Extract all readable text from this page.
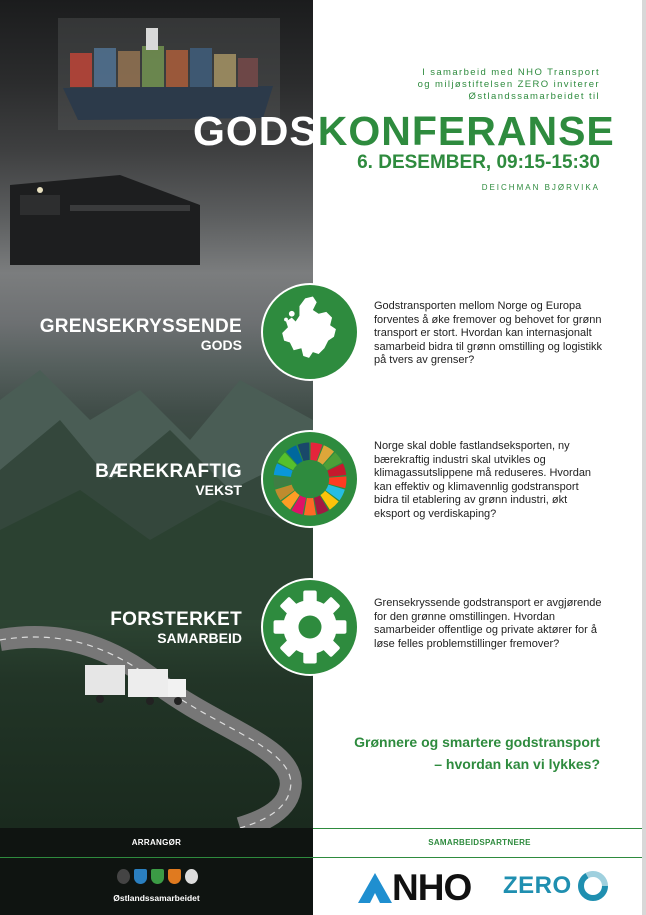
I samarbeid med NHO Transport
og miljøstiftelsen ZERO inviterer
Østlandssamarbeidet til
GODSKONFERANSE
6. DESEMBER, 09:15-15:30
DEICHMAN BJØRVIKA
GRENSEKRYSSENDE
GODS
Godstransporten mellom Norge og Europa forventes å øke fremover og behovet for grønn transport er stort. Hvordan kan internasjonalt samarbeid bidra til grønn omstilling og logistikk på tvers av grenser?
BÆREKRAFTIG
VEKST
Norge skal doble fastlandseksporten, ny bærekraftig industri skal utvikles og klimagassutslippene må reduseres. Hvordan kan effektiv og klimavennlig godstransport bidra til etablering av grønn industri, økt eksport og verdiskaping?
FORSTERKET
SAMARBEID
Grensekryssende godstransport er avgjørende for den grønne omstillingen. Hvordan samarbeider offentlige og private aktører for å løse felles problemstillinger fremover?
Grønnere og smartere godstransport
– hvordan kan vi lykkes?
ARRANGØR	SAMARBEIDSPARTNERE
Østlandssamarbeidet	NHO ZERO
